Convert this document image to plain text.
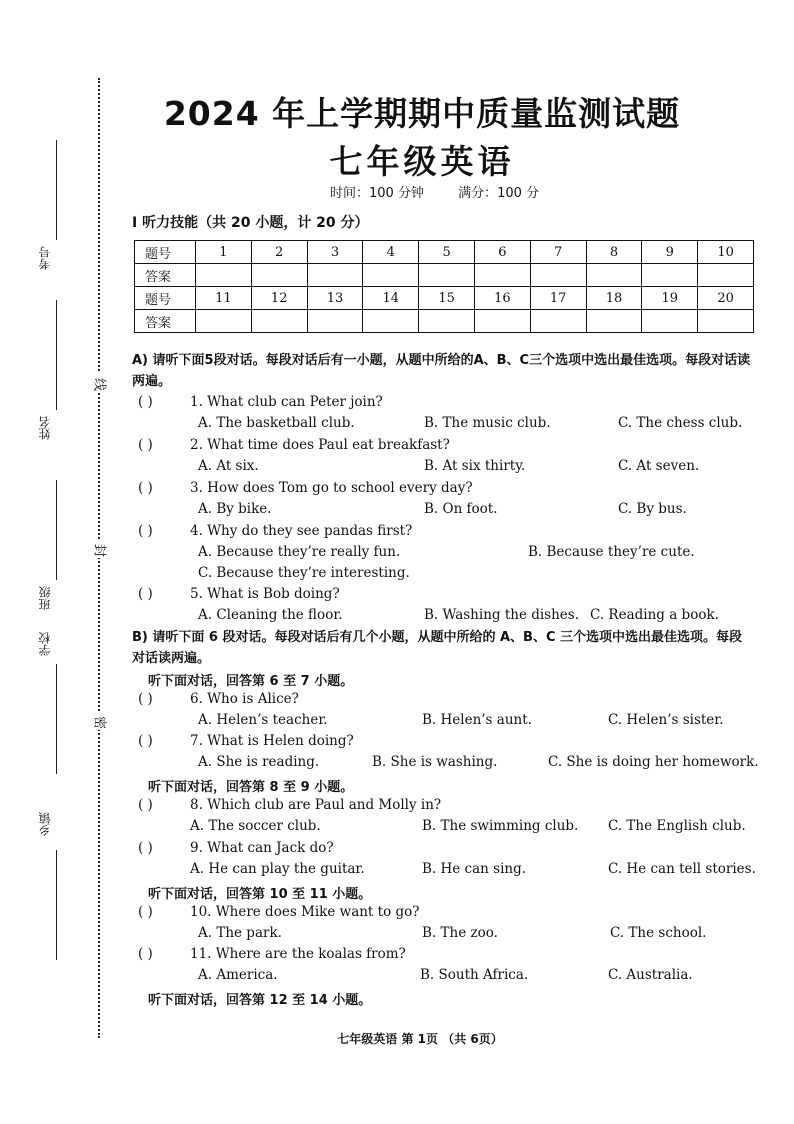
考号
姓名
班级
学校
乡镇
线
封
密
2024 年上学期期中质量监测试题
七年级英语
时间：100 分钟	满分：100 分
I 听力技能（共 20 小题，计 20 分）
题号	1	2	3	4	5	6	7	8	9	10
答案										
题号	11	12	13	14	15	16	17	18	19	20
答案										
A) 请听下面5段对话。每段对话后有一小题，从题中所给的A、B、C三个选项中选出最佳选项。每段对话读两遍。
( )	1. What club can Peter join?
A. The basketball club.	B. The music club.	C. The chess club.
( )	2. What time does Paul eat breakfast?
A. At six.	B. At six thirty.	C. At seven.
( )	3. How does Tom go to school every day?
A. By bike.	B. On foot.	C. By bus.
( )	4. Why do they see pandas first?
A. Because they’re really fun.	B. Because they’re cute.
C. Because they’re interesting.
( )	5. What is Bob doing?
A. Cleaning the floor.	B. Washing the dishes. C. Reading a book.
B) 请听下面 6 段对话。每段对话后有几个小题，从题中所给的 A、B、C 三个选项中选出最佳选项。每段对话读两遍。
听下面对话，回答第 6 至 7 小题。
( )	6. Who is Alice?
A. Helen’s teacher.	B. Helen’s aunt.	C. Helen’s sister.
( )	7. What is Helen doing?
A. She is reading.	B. She is washing.	C. She is doing her homework.
听下面对话，回答第 8 至 9 小题。
( )	8. Which club are Paul and Molly in?
A. The soccer club.	B. The swimming club. C. The English club.
( )	9. What can Jack do?
A. He can play the guitar.	B. He can sing.	C. He can tell stories.
听下面对话，回答第 10 至 11 小题。
( )	10. Where does Mike want to go?
A. The park.	B. The zoo.	C. The school.
( )	11. Where are the koalas from?
A. America.	B. South Africa.	C. Australia.
听下面对话，回答第 12 至 14 小题。
七年级英语 第 1页 （共 6页）
